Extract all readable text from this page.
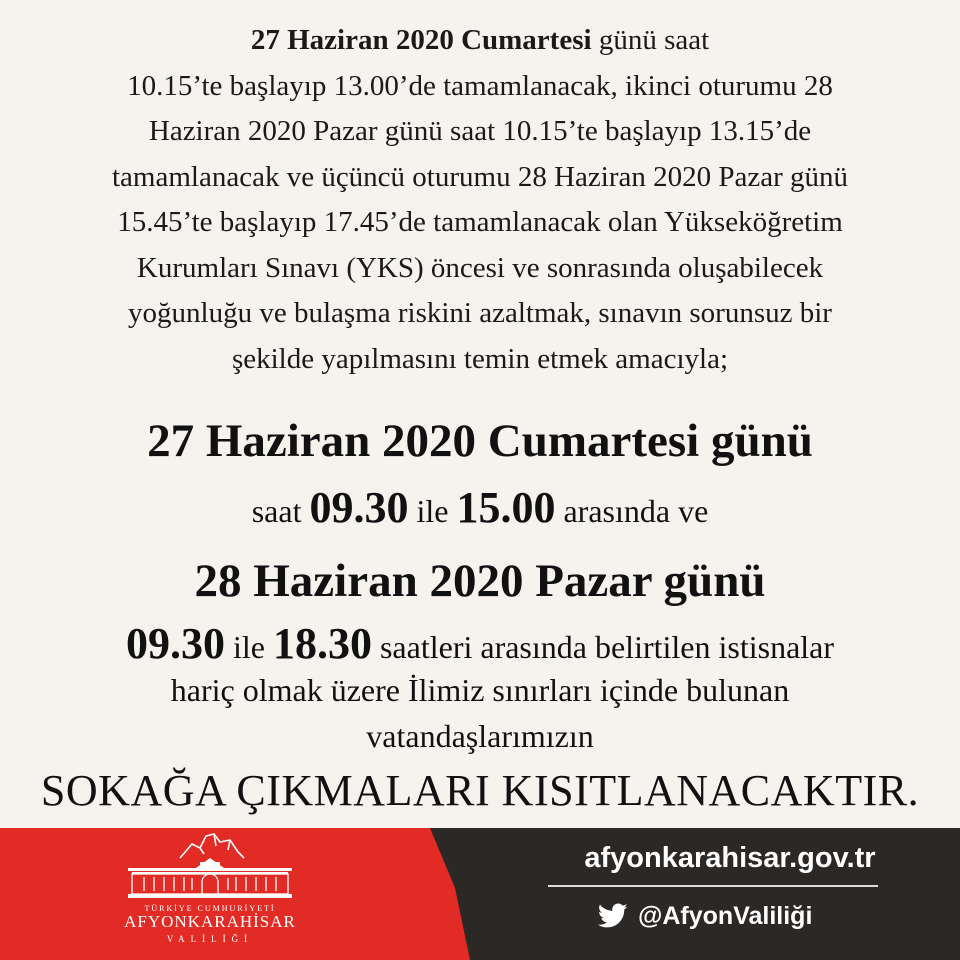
27 Haziran 2020 Cumartesi günü saat
10.15’te başlayıp 13.00’de tamamlanacak, ikinci oturumu 28
Haziran 2020 Pazar günü saat 10.15’te başlayıp 13.15’de
tamamlanacak ve üçüncü oturumu 28 Haziran 2020 Pazar günü
15.45’te başlayıp 17.45’de tamamlanacak olan Yükseköğretim
Kurumları Sınavı (YKS) öncesi ve sonrasında oluşabilecek
yoğunluğu ve bulaşma riskini azaltmak, sınavın sorunsuz bir
şekilde yapılmasını temin etmek amacıyla;
27 Haziran 2020 Cumartesi günü
saat 09.30 ile 15.00 arasında ve
28 Haziran 2020 Pazar günü
09.30 ile 18.30 saatleri arasında belirtilen istisnalar
hariç olmak üzere İlimiz sınırları içinde bulunan
vatandaşlarımızın
SOKAĞA ÇIKMALARI KISITLANACAKTIR.
TÜRKİYE CUMHURİYETİ
AFYONKARAHİSAR
VALİLİĞİ
afyonkarahisar.gov.tr
@AfyonValiliği
